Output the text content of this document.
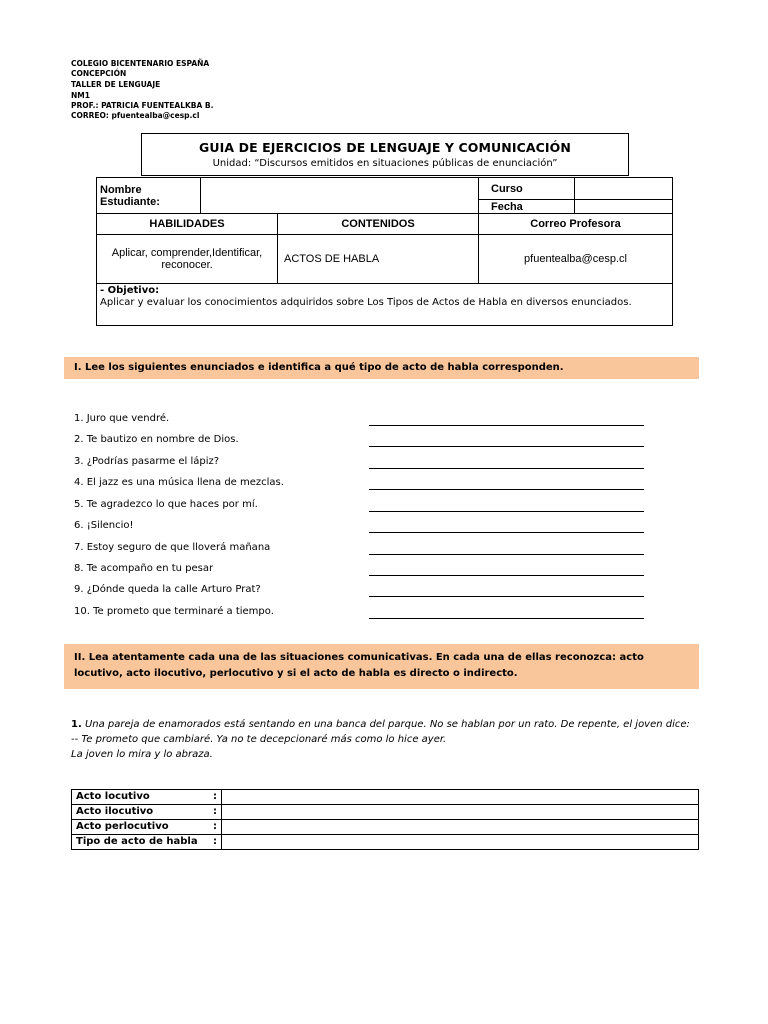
COLEGIO BICENTENARIO ESPAÑA
CONCEPCIÓN
TALLER DE LENGUAJE
NM1
PROF.: PATRICIA FUENTEALKBA B.
CORREO: pfuentealba@cesp.cl
GUIA DE EJERCICIOS DE LENGUAJE Y COMUNICACIÓN
Unidad: “Discursos emitidos en situaciones públicas de enunciación”
Nombre Estudiante:			Curso	
			Fecha	
HABILIDADES		CONTENIDOS	Correo Profesora	
Aplicar, comprender,Identificar, reconocer.		ACTOS DE HABLA	pfuentealba@cesp.cl	

- Objetivo:
Aplicar y evaluar los conocimientos adquiridos sobre Los Tipos de Actos de Habla en diversos enunciados.				
I. Lee los siguientes enunciados e identifica a qué tipo de acto de habla corresponden.
1. Juro que vendré.
2. Te bautizo en nombre de Dios.
3. ¿Podrías pasarme el lápiz?
4. El jazz es una música llena de mezclas.
5. Te agradezco lo que haces por mí.
6. ¡Silencio!
7. Estoy seguro de que lloverá mañana
8. Te acompaño en tu pesar
9. ¿Dónde queda la calle Arturo Prat?
10. Te prometo que terminaré a tiempo.
II. Lea atentamente cada una de las situaciones comunicativas. En cada una de ellas reconozca: acto locutivo, acto ilocutivo, perlocutivo y si el acto de habla es directo o indirecto.
1. Una pareja de enamorados está sentando en una banca del parque. No se hablan por un rato. De repente, el joven dice:
-- Te prometo que cambiaré. Ya no te decepcionaré más como lo hice ayer.
La joven lo mira y lo abraza.
Acto locutivo :	

Acto ilocutivo :	

Acto perlocutivo :	

Tipo de acto de habla :	
